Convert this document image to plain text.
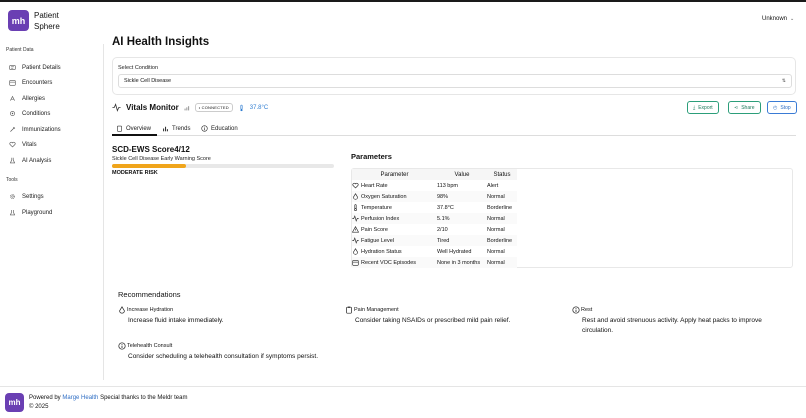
mh	Patient
Sphere
Unknown ⌄
Patient Data
Patient Details
Encounters
Allergies
Conditions
Immunizations
Vitals
AI Analysis
Tools
Settings
Playground
AI Health Insights
Select Condition
Sickle Cell Disease	⇅
Vitals Monitor	• CONNECTED	37.8°C	⤓ Export	⋖ Share	◴ Stop
Overview	Trends	Education
SCD-EWS Score4/12
Sickle Cell Disease Early Warning Score
MODERATE RISK
Parameters
Parameter	Value	Status

Heart Rate	113 bpm	Alert

Oxygen Saturation	98%	Normal

Temperature	37.8°C	Borderline

Perfusion Index	5.1%	Normal

Pain Score	2/10	Normal

Fatigue Level	Tired	Borderline

Hydration Status	Well Hydrated	Normal

Recent VOC Episodes	None in 3 months	Normal
Recommendations
Increase Hydration
Increase fluid intake immediately.
Pain Management
Consider taking NSAIDs or prescribed mild pain relief.
Rest
Rest and avoid strenuous activity. Apply heat packs to improve circulation.
Telehealth Consult
Consider scheduling a telehealth consultation if symptoms persist.
mh	Powered by Marge Health Special thanks to the Meldr team
© 2025
